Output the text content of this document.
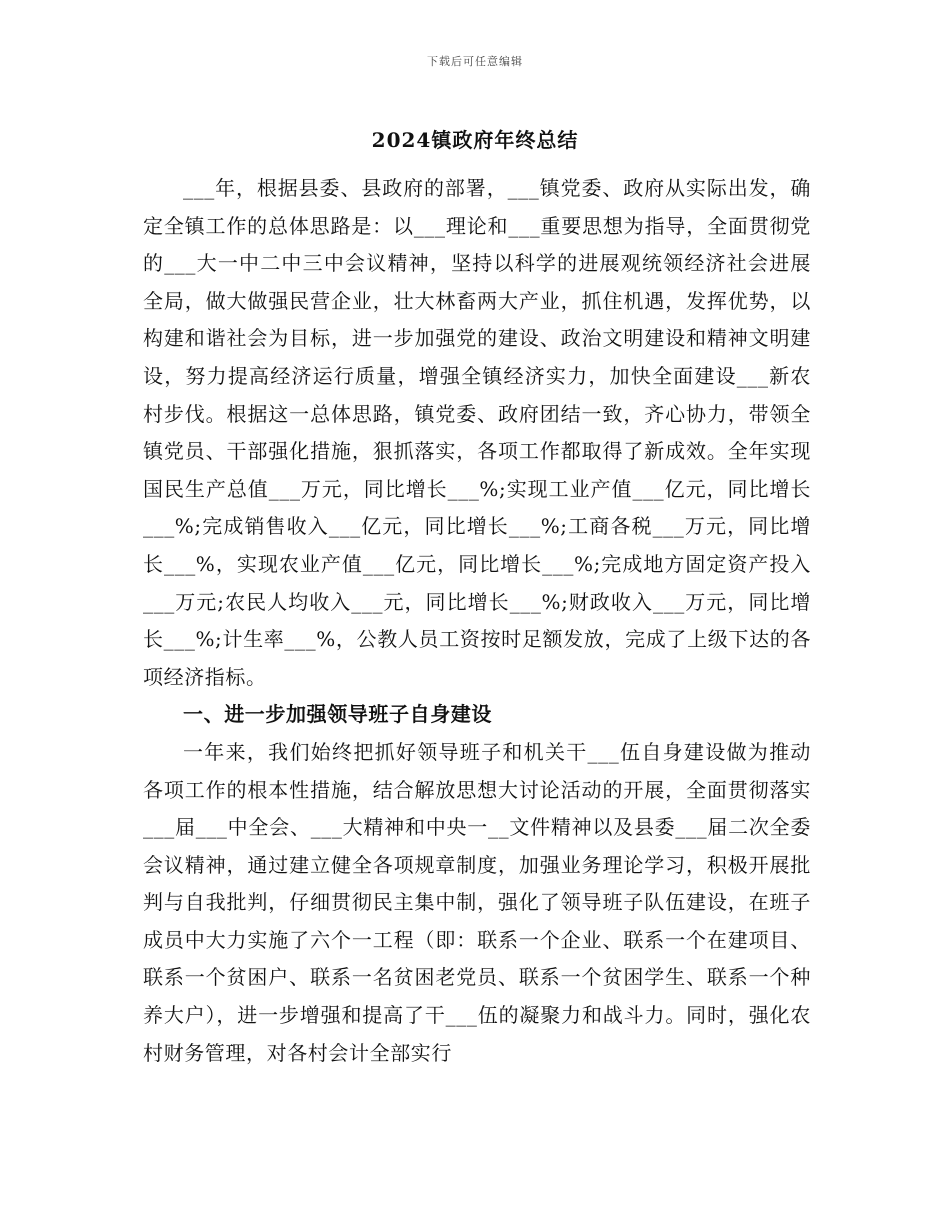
下载后可任意编辑
2024镇政府年终总结

___年，根据县委、县政府的部署，___镇党委、政府从实际出发，确定全镇工作的总体思路是：以___理论和___重要思想为指导，全面贯彻党的___大一中二中三中会议精神，坚持以科学的进展观统领经济社会进展全局，做大做强民营企业，壮大林畜两大产业，抓住机遇，发挥优势，以构建和谐社会为目标，进一步加强党的建设、政治文明建设和精神文明建设，努力提高经济运行质量，增强全镇经济实力，加快全面建设___新农村步伐。根据这一总体思路，镇党委、政府团结一致，齐心协力，带领全镇党员、干部强化措施，狠抓落实，各项工作都取得了新成效。全年实现国民生产总值___万元，同比增长___%;实现工业产值___亿元，同比增长___%;完成销售收入___亿元，同比增长___%;工商各税___万元，同比增长___%，实现农业产值___亿元，同比增长___%;完成地方固定资产投入___万元;农民人均收入___元，同比增长___%;财政收入___万元，同比增长___%;计生率___%，公教人员工资按时足额发放，完成了上级下达的各项经济指标。

一、进一步加强领导班子自身建设

一年来，我们始终把抓好领导班子和机关干___伍自身建设做为推动各项工作的根本性措施，结合解放思想大讨论活动的开展，全面贯彻落实___届___中全会、___大精神和中央一__文件精神以及县委___届二次全委会议精神，通过建立健全各项规章制度，加强业务理论学习，积极开展批判与自我批判，仔细贯彻民主集中制，强化了领导班子队伍建设，在班子成员中大力实施了六个一工程（即：联系一个企业、联系一个在建项目、联系一个贫困户、联系一名贫困老党员、联系一个贫困学生、联系一个种养大户），进一步增强和提高了干___伍的凝聚力和战斗力。同时，强化农村财务管理，对各村会计全部实行
